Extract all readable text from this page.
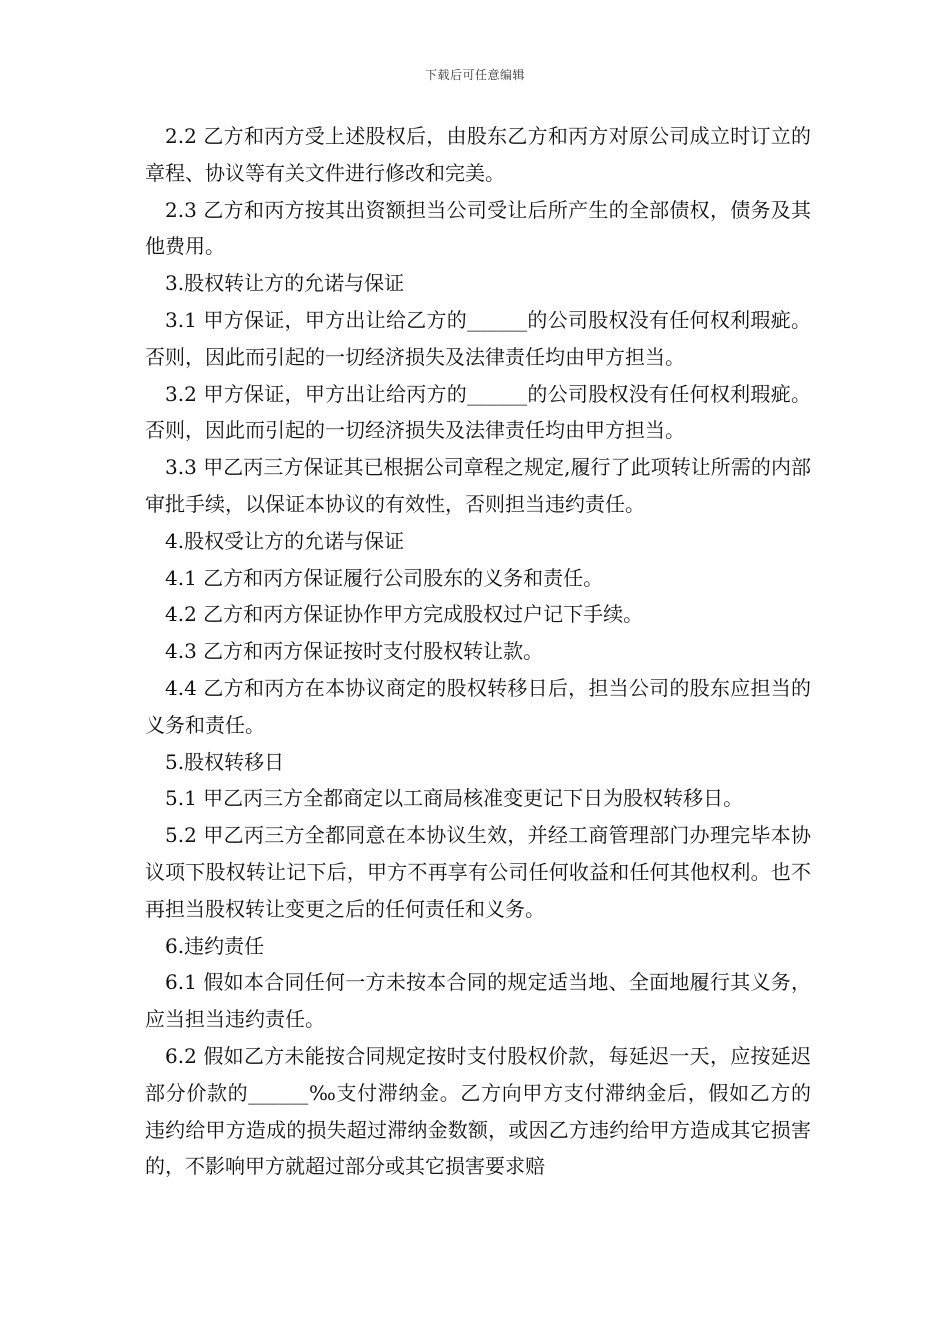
下载后可任意编辑

2.2 乙方和丙方受上述股权后，由股东乙方和丙方对原公司成立时订立的章程、协议等有关文件进行修改和完美。

2.3 乙方和丙方按其出资额担当公司受让后所产生的全部债权，债务及其他费用。

3.股权转让方的允诺与保证

3.1 甲方保证，甲方出让给乙方的______的公司股权没有任何权利瑕疵。否则，因此而引起的一切经济损失及法律责任均由甲方担当。

3.2 甲方保证，甲方出让给丙方的______的公司股权没有任何权利瑕疵。否则，因此而引起的一切经济损失及法律责任均由甲方担当。

3.3 甲乙丙三方保证其已根据公司章程之规定,履行了此项转让所需的内部审批手续，以保证本协议的有效性，否则担当违约责任。

4.股权受让方的允诺与保证

4.1 乙方和丙方保证履行公司股东的义务和责任。

4.2 乙方和丙方保证协作甲方完成股权过户记下手续。

4.3 乙方和丙方保证按时支付股权转让款。

4.4 乙方和丙方在本协议商定的股权转移日后，担当公司的股东应担当的义务和责任。

5.股权转移日

5.1 甲乙丙三方全都商定以工商局核准变更记下日为股权转移日。

5.2 甲乙丙三方全都同意在本协议生效，并经工商管理部门办理完毕本协议项下股权转让记下后，甲方不再享有公司任何收益和任何其他权利。也不再担当股权转让变更之后的任何责任和义务。

6.违约责任

6.1 假如本合同任何一方未按本合同的规定适当地、全面地履行其义务，应当担当违约责任。

6.2 假如乙方未能按合同规定按时支付股权价款，每延迟一天，应按延迟部分价款的______‰支付滞纳金。乙方向甲方支付滞纳金后，假如乙方的违约给甲方造成的损失超过滞纳金数额，或因乙方违约给甲方造成其它损害的，不影响甲方就超过部分或其它损害要求赔
